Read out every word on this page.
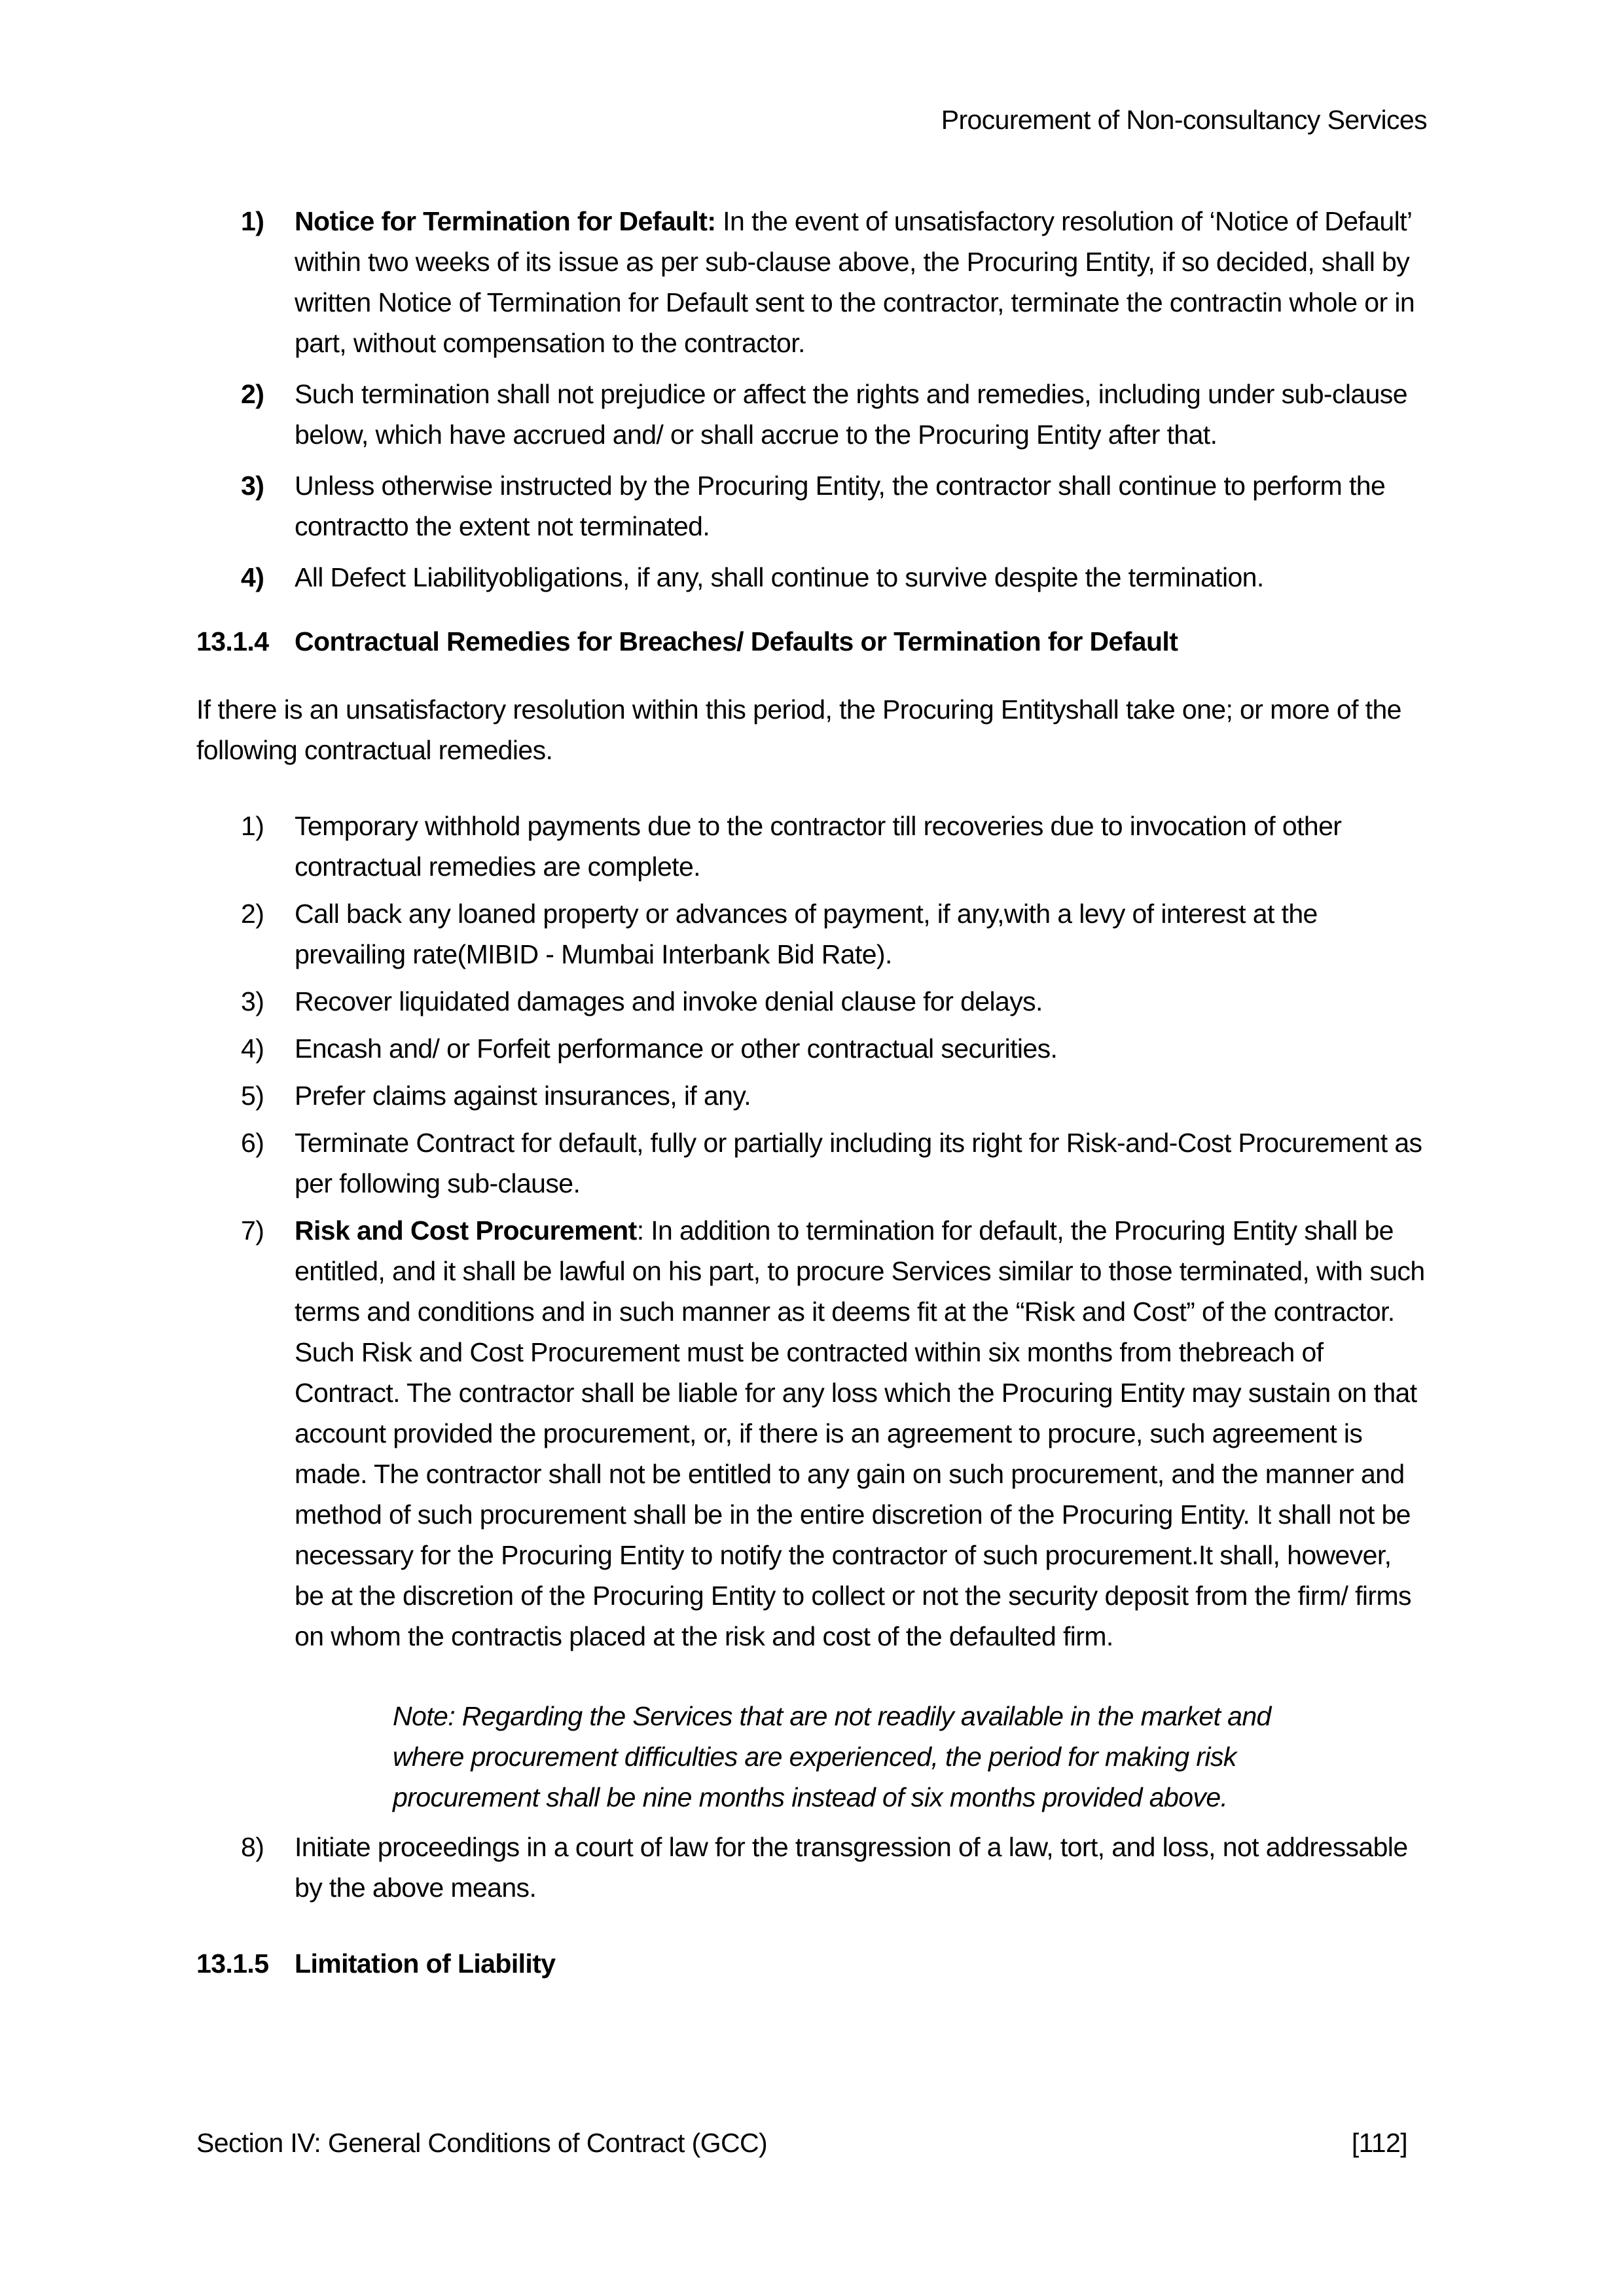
Procurement of Non-consultancy Services
1)	Notice for Termination for Default: In the event of unsatisfactory resolution of ‘Notice of Default’ within two weeks of its issue as per sub-clause above, the Procuring Entity, if so decided, shall by written Notice of Termination for Default sent to the contractor, terminate the contractin whole or in part, without compensation to the contractor.
2)	Such termination shall not prejudice or affect the rights and remedies, including under sub-clause below, which have accrued and/ or shall accrue to the Procuring Entity after that.
3)	Unless otherwise instructed by the Procuring Entity, the contractor shall continue to perform the contractto the extent not terminated.
4)	All Defect Liabilityobligations, if any, shall continue to survive despite the termination.
13.1.4 Contractual Remedies for Breaches/ Defaults or Termination for Default
If there is an unsatisfactory resolution within this period, the Procuring Entityshall take one; or more of the following contractual remedies.
1)	Temporary withhold payments due to the contractor till recoveries due to invocation of other contractual remedies are complete.
2)	Call back any loaned property or advances of payment, if any,with a levy of interest at the prevailing rate(MIBID - Mumbai Interbank Bid Rate).
3)	Recover liquidated damages and invoke denial clause for delays.
4)	Encash and/ or Forfeit performance or other contractual securities.
5)	Prefer claims against insurances, if any.
6)	Terminate Contract for default, fully or partially including its right for Risk-and-Cost Procurement as per following sub-clause.
7)	Risk and Cost Procurement: In addition to termination for default, the Procuring Entity shall be entitled, and it shall be lawful on his part, to procure Services similar to those terminated, with such terms and conditions and in such manner as it deems fit at the “Risk and Cost” of the contractor. Such Risk and Cost Procurement must be contracted within six months from thebreach of Contract. The contractor shall be liable for any loss which the Procuring Entity may sustain on that account provided the procurement, or, if there is an agreement to procure, such agreement is made. The contractor shall not be entitled to any gain on such procurement, and the manner and method of such procurement shall be in the entire discretion of the Procuring Entity. It shall not be necessary for the Procuring Entity to notify the contractor of such procurement.It shall, however, be at the discretion of the Procuring Entity to collect or not the security deposit from the firm/ firms on whom the contractis placed at the risk and cost of the defaulted firm.
Note: Regarding the Services that are not readily available in the market and where procurement difficulties are experienced, the period for making risk procurement shall be nine months instead of six months provided above.
8)	Initiate proceedings in a court of law for the transgression of a law, tort, and loss, not addressable by the above means.
13.1.5 Limitation of Liability
Section IV: General Conditions of Contract (GCC)	[112]
